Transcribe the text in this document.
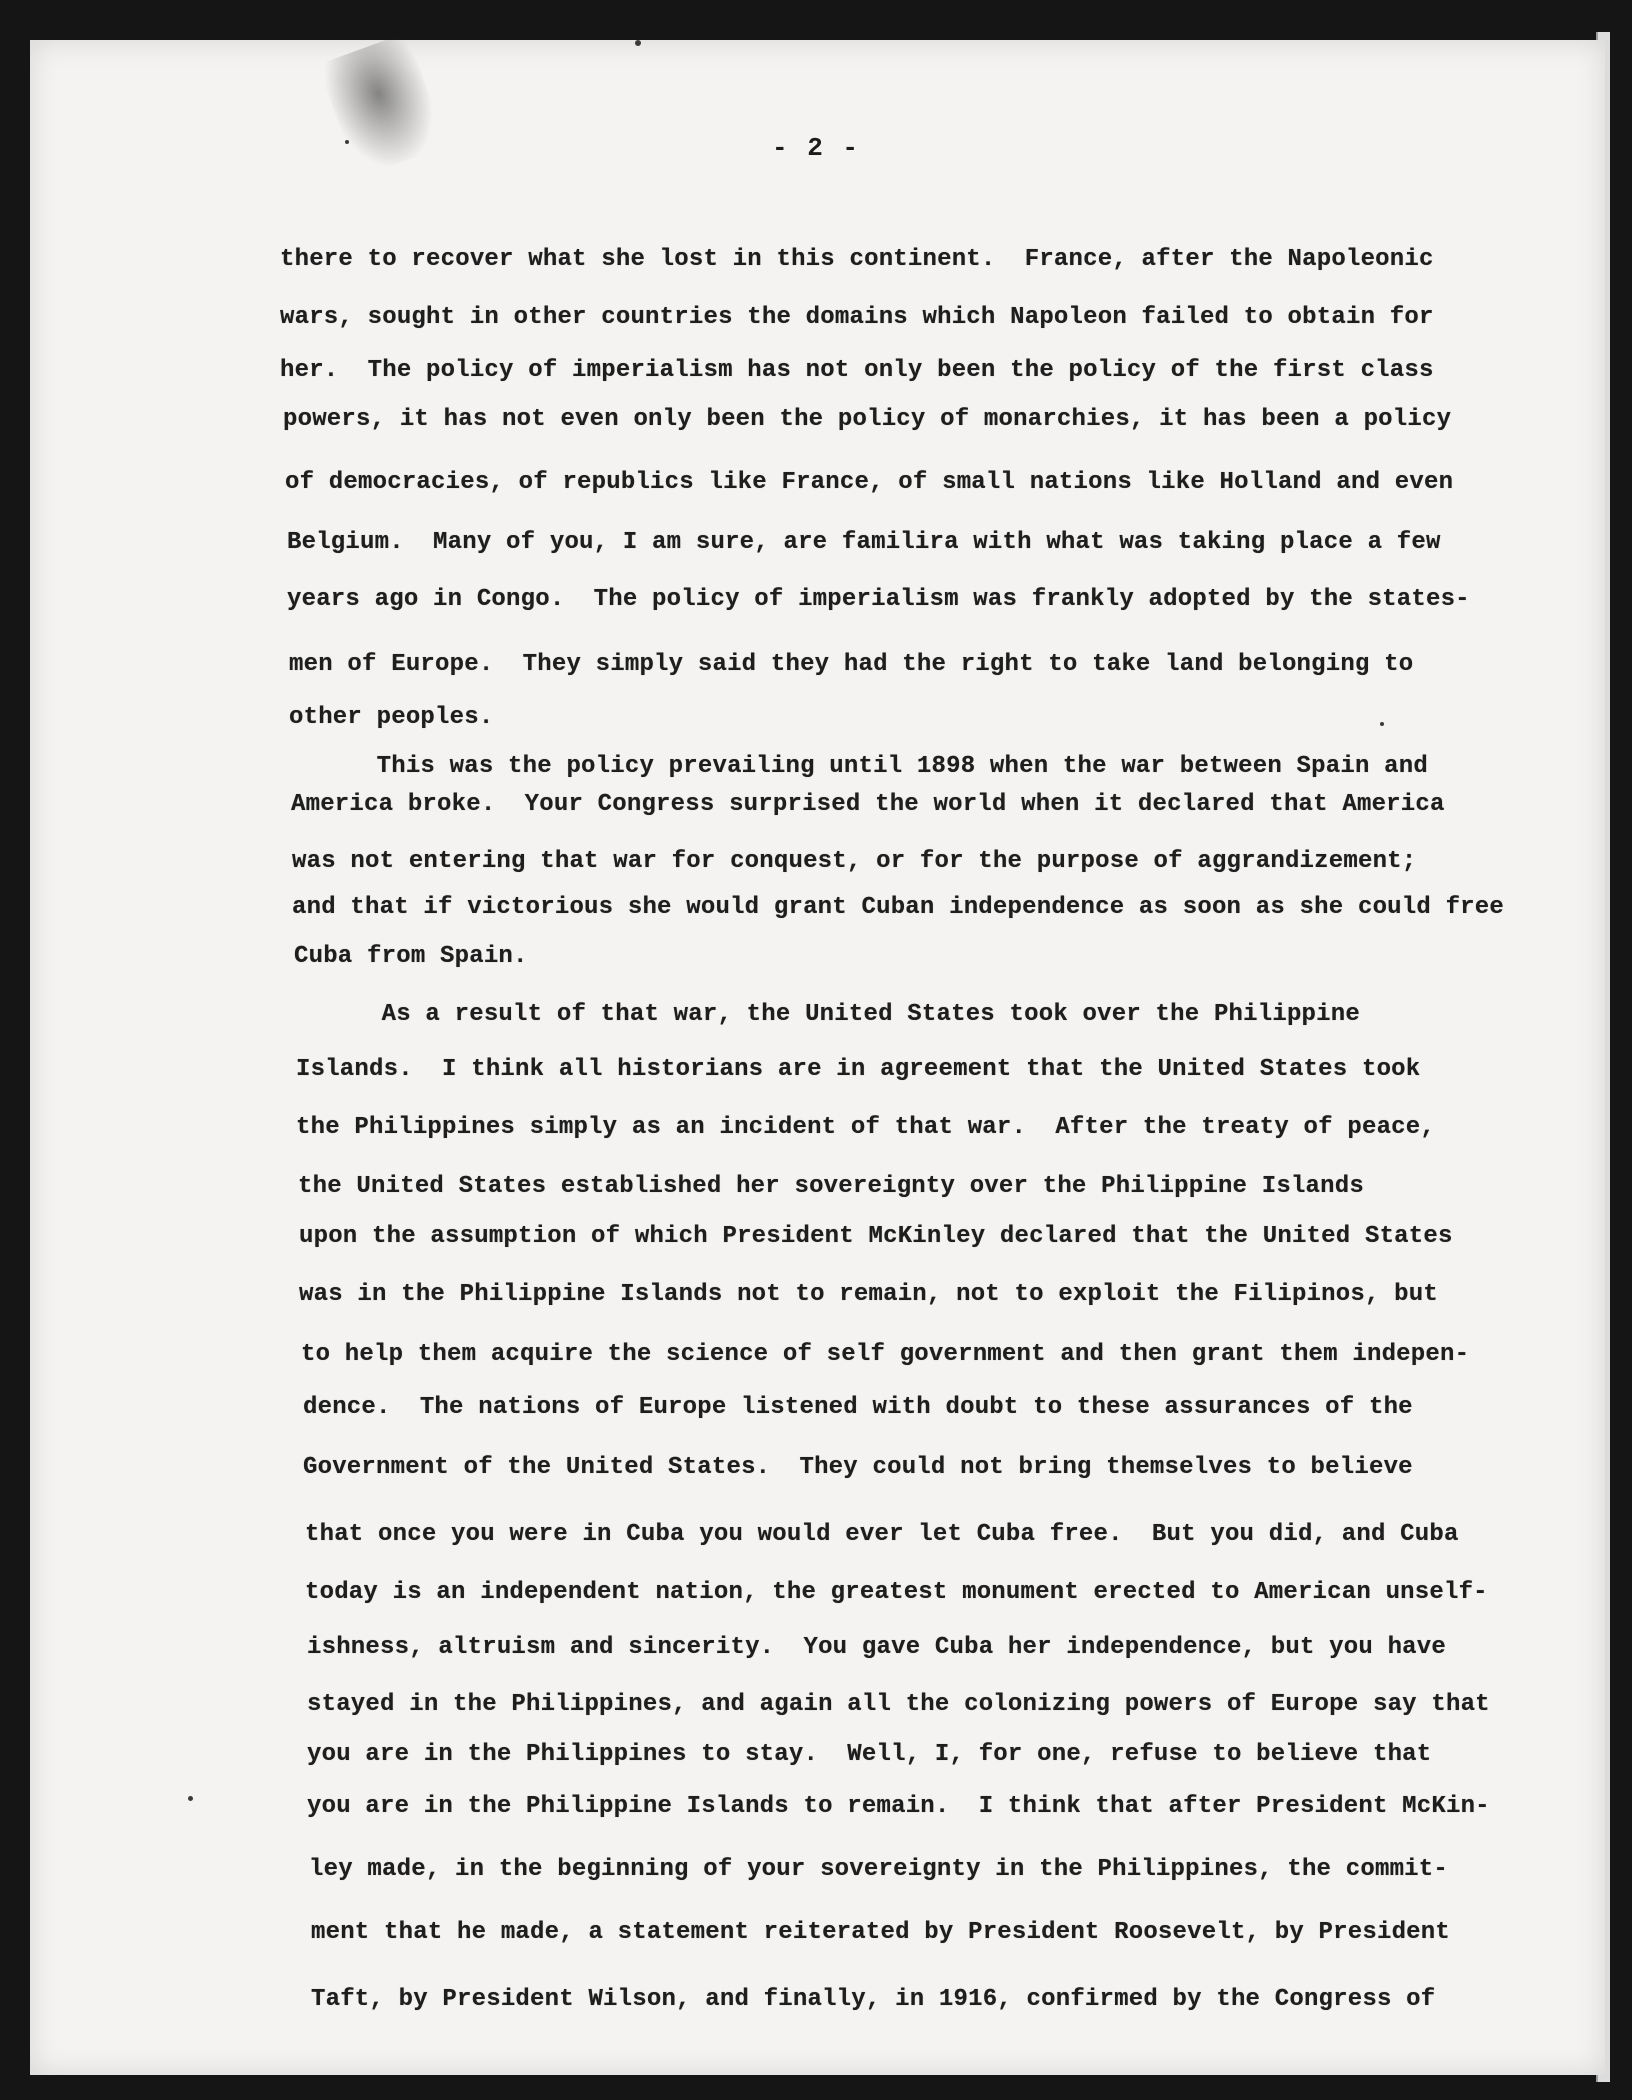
- 2 -
there to recover what she lost in this continent.  France, after the Napoleonic
wars, sought in other countries the domains which Napoleon failed to obtain for
her.  The policy of imperialism has not only been the policy of the first class
powers, it has not even only been the policy of monarchies, it has been a policy
of democracies, of republics like France, of small nations like Holland and even
Belgium.  Many of you, I am sure, are familira with what was taking place a few
years ago in Congo.  The policy of imperialism was frankly adopted by the states-
men of Europe.  They simply said they had the right to take land belonging to
other peoples.
This was the policy prevailing until 1898 when the war between Spain and
America broke.  Your Congress surprised the world when it declared that America
was not entering that war for conquest, or for the purpose of aggrandizement;
and that if victorious she would grant Cuban independence as soon as she could free
Cuba from Spain.
As a result of that war, the United States took over the Philippine
Islands.  I think all historians are in agreement that the United States took
the Philippines simply as an incident of that war.  After the treaty of peace,
the United States established her sovereignty over the Philippine Islands
upon the assumption of which President McKinley declared that the United States
was in the Philippine Islands not to remain, not to exploit the Filipinos, but
to help them acquire the science of self government and then grant them indepen-
dence.  The nations of Europe listened with doubt to these assurances of the
Government of the United States.  They could not bring themselves to believe
that once you were in Cuba you would ever let Cuba free.  But you did, and Cuba
today is an independent nation, the greatest monument erected to American unself-
ishness, altruism and sincerity.  You gave Cuba her independence, but you have
stayed in the Philippines, and again all the colonizing powers of Europe say that
you are in the Philippines to stay.  Well, I, for one, refuse to believe that
you are in the Philippine Islands to remain.  I think that after President McKin-
ley made, in the beginning of your sovereignty in the Philippines, the commit-
ment that he made, a statement reiterated by President Roosevelt, by President
Taft, by President Wilson, and finally, in 1916, confirmed by the Congress of
